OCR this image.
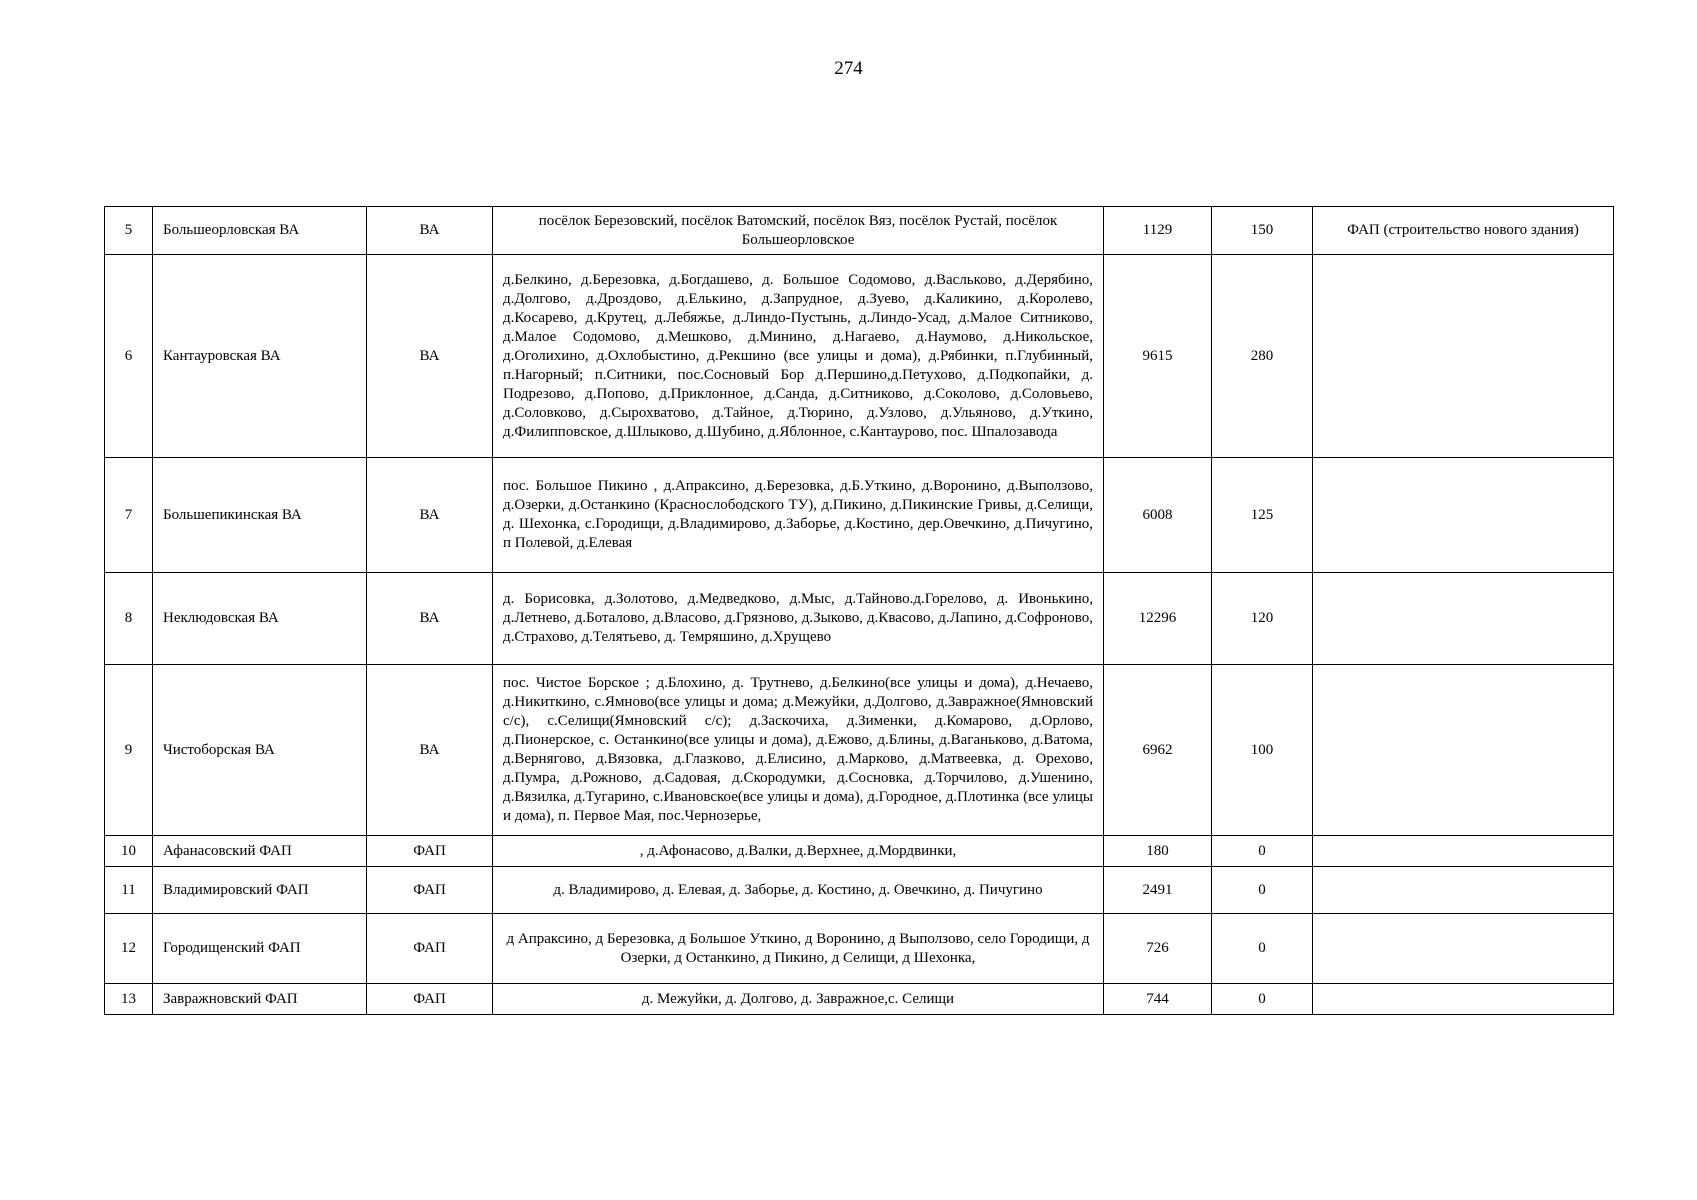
274
5	Большеорловская ВА	ВА	посёлок Березовский, посёлок Ватомский, посёлок Вяз, посёлок Рустай, посёлок Большеорловское	1129	150	ФАП (строительство нового здания)
6	Кантауровская ВА	ВА	д.Белкино, д.Березовка, д.Богдашево, д. Большое Содомово, д.Васльково, д.Дерябино, д.Долгово, д.Дроздово, д.Елькино, д.Запрудное, д.Зуево, д.Каликино, д.Королево, д.Косарево, д.Крутец, д.Лебяжье, д.Линдо-Пустынь, д.Линдо-Усад, д.Малое Ситниково, д.Малое Содомово, д.Мешково, д.Минино, д.Нагаево, д.Наумово, д.Никольское, д.Оголихино, д.Охлобыстино, д.Рекшино (все улицы и дома), д.Рябинки, п.Глубинный, п.Нагорный; п.Ситники, пос.Сосновый Бор д.Першино,д.Петухово, д.Подкопайки, д. Подрезово, д.Попово, д.Приклонное, д.Санда, д.Ситниково, д.Соколово, д.Соловьево, д.Соловково, д.Сырохватово, д.Тайное, д.Тюрино, д.Узлово, д.Ульяново, д.Уткино, д.Филипповское, д.Шлыково, д.Шубино, д.Яблонное, с.Кантаурово, пос. Шпалозавода	9615	280	
7	Большепикинская ВА	ВА	пос. Большое Пикино , д.Апраксино, д.Березовка, д.Б.Уткино, д.Воронино, д.Выползово, д.Озерки, д.Останкино (Краснослободского ТУ), д.Пикино, д.Пикинские Гривы, д.Селищи, д. Шехонка, с.Городищи, д.Владимирово, д.Заборье, д.Костино, дер.Овечкино, д.Пичугино, п Полевой, д.Елевая	6008	125	
8	Неклюдовская ВА	ВА	д. Борисовка, д.Золотово, д.Медведково, д.Мыс, д.Тайново.д.Горелово, д. Ивонькино, д.Летнево, д.Боталово, д.Власово, д.Грязново, д.Зыково, д.Квасово, д.Лапино, д.Софроново, д.Страхово, д.Телятьево, д. Темряшино, д.Хрущево	12296	120	
9	Чистоборская ВА	ВА	пос. Чистое Борское ; д.Блохино, д. Трутнево, д.Белкино(все улицы и дома), д.Нечаево, д.Никиткино, с.Ямново(все улицы и дома; д.Межуйки, д.Долгово, д.Завражное(Ямновский с/с), с.Селищи(Ямновский с/с); д.Заскочиха, д.Зименки, д.Комарово, д.Орлово, д.Пионерское, с. Останкино(все улицы и дома), д.Ежово, д.Блины, д.Ваганьково, д.Ватома, д.Вернягово, д.Вязовка, д.Глазково, д.Елисино, д.Марково, д.Матвеевка, д. Орехово, д.Пумра, д.Рожново, д.Садовая, д.Скородумки, д.Сосновка, д.Торчилово, д.Ушенино, д.Вязилка, д.Тугарино, с.Ивановское(все улицы и дома), д.Городное, д.Плотинка (все улицы и дома), п. Первое Мая, пос.Чернозерье,	6962	100	
10	Афанасовский ФАП	ФАП	, д.Афонасово, д.Валки, д.Верхнее, д.Мордвинки,	180	0	
11	Владимировский ФАП	ФАП	д. Владимирово, д. Елевая, д. Заборье, д. Костино, д. Овечкино, д. Пичугино	2491	0	
12	Городищенский ФАП	ФАП	д Апраксино, д Березовка, д Большое Уткино, д Воронино, д Выползово, село Городищи, д Озерки, д Останкино, д Пикино, д Селищи, д Шехонка,	726	0	
13	Завражновский ФАП	ФАП	д. Межуйки, д. Долгово, д. Завражное,с. Селищи	744	0	
